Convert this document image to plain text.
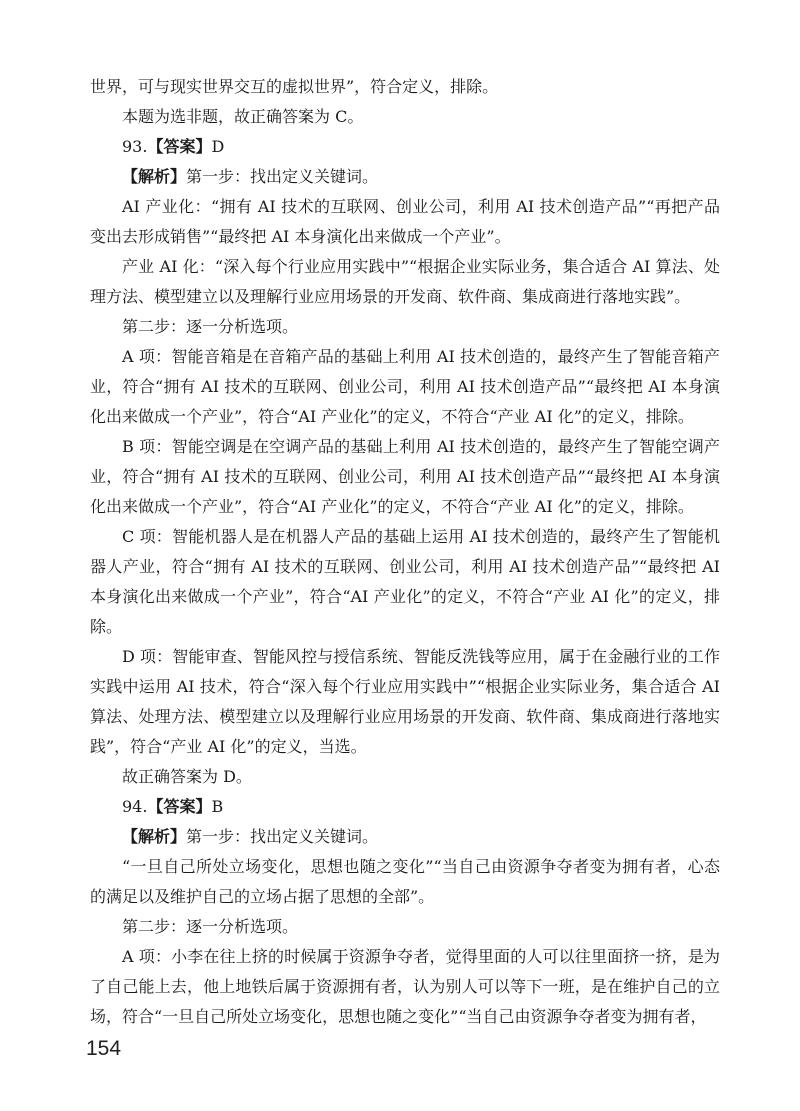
世界，可与现实世界交互的虚拟世界”，符合定义，排除。

本题为选非题，故正确答案为 C。

93.【答案】D

【解析】第一步：找出定义关键词。

AI 产业化：“拥有 AI 技术的互联网、创业公司，利用 AI 技术创造产品”“再把产品变出去形成销售”“最终把 AI 本身演化出来做成一个产业”。

产业 AI 化：“深入每个行业应用实践中”“根据企业实际业务，集合适合 AI 算法、处理方法、模型建立以及理解行业应用场景的开发商、软件商、集成商进行落地实践”。

第二步：逐一分析选项。

A 项：智能音箱是在音箱产品的基础上利用 AI 技术创造的，最终产生了智能音箱产业，符合“拥有 AI 技术的互联网、创业公司，利用 AI 技术创造产品”“最终把 AI 本身演化出来做成一个产业”，符合“AI 产业化”的定义，不符合“产业 AI 化”的定义，排除。

B 项：智能空调是在空调产品的基础上利用 AI 技术创造的，最终产生了智能空调产业，符合“拥有 AI 技术的互联网、创业公司，利用 AI 技术创造产品”“最终把 AI 本身演化出来做成一个产业”，符合“AI 产业化”的定义，不符合“产业 AI 化”的定义，排除。

C 项：智能机器人是在机器人产品的基础上运用 AI 技术创造的，最终产生了智能机器人产业，符合“拥有 AI 技术的互联网、创业公司，利用 AI 技术创造产品”“最终把 AI 本身演化出来做成一个产业”，符合“AI 产业化”的定义，不符合“产业 AI 化”的定义，排除。

D 项：智能审查、智能风控与授信系统、智能反洗钱等应用，属于在金融行业的工作实践中运用 AI 技术，符合“深入每个行业应用实践中”“根据企业实际业务，集合适合 AI 算法、处理方法、模型建立以及理解行业应用场景的开发商、软件商、集成商进行落地实践”，符合“产业 AI 化”的定义，当选。

故正确答案为 D。

94.【答案】B

【解析】第一步：找出定义关键词。

“一旦自己所处立场变化，思想也随之变化”“当自己由资源争夺者变为拥有者，心态的满足以及维护自己的立场占据了思想的全部”。

第二步：逐一分析选项。

A 项：小李在往上挤的时候属于资源争夺者，觉得里面的人可以往里面挤一挤，是为了自己能上去，他上地铁后属于资源拥有者，认为别人可以等下一班，是在维护自己的立场，符合“一旦自己所处立场变化，思想也随之变化”“当自己由资源争夺者变为拥有者，

154
